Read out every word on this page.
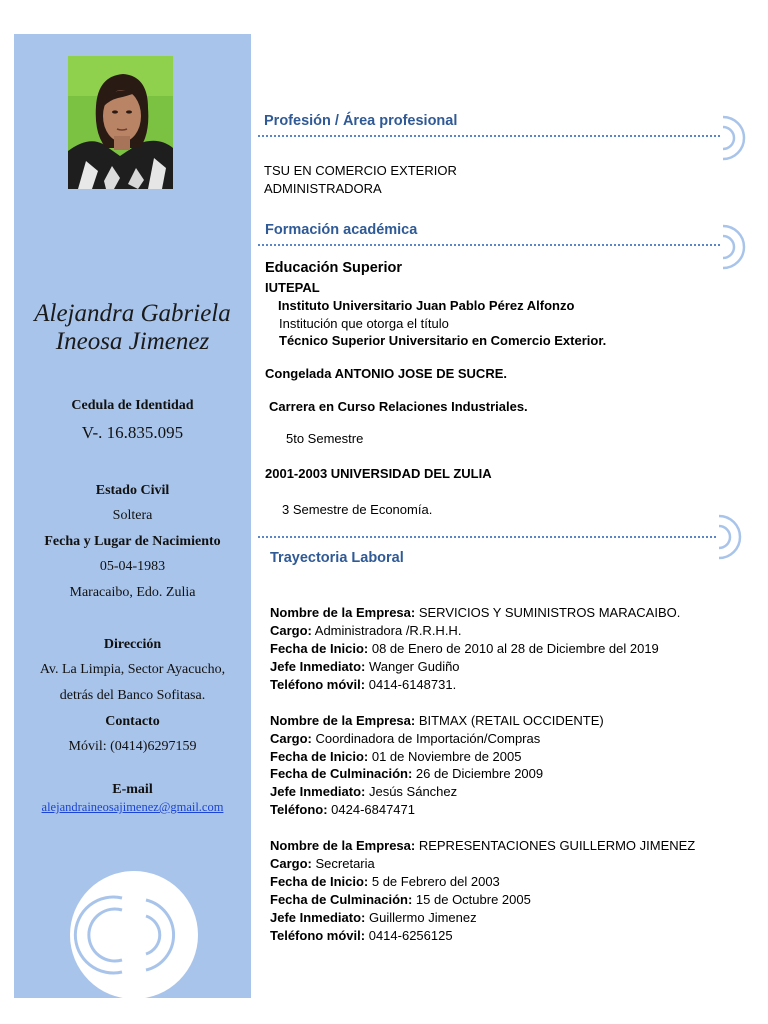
Alejandra Gabriela
Ineosa Jimenez
Cedula de Identidad
V-. 16.835.095
Estado Civil
Soltera
Fecha y Lugar de Nacimiento
05-04-1983
Maracaibo, Edo. Zulia
Dirección
Av. La Limpia, Sector Ayacucho,
detrás del Banco Sofitasa.
Contacto
Móvil: (0414)6297159
E-mail
alejandraineosajimenez@gmail.com
Profesión / Área profesional
TSU EN COMERCIO EXTERIOR
ADMINISTRADORA
Formación académica
Educación Superior
IUTEPAL
Instituto Universitario Juan Pablo Pérez Alfonzo
Institución que otorga el título
Técnico Superior Universitario en Comercio Exterior.
Congelada ANTONIO JOSE DE SUCRE.
Carrera en Curso Relaciones Industriales.
5to Semestre
2001-2003 UNIVERSIDAD DEL ZULIA
3 Semestre de Economía.
Trayectoria Laboral
Nombre de la Empresa: SERVICIOS Y SUMINISTROS MARACAIBO.
Cargo: Administradora /R.R.H.H.
Fecha de Inicio: 08 de Enero de 2010 al 28 de Diciembre del 2019
Jefe Inmediato: Wanger Gudiño
Teléfono móvil: 0414-6148731.
Nombre de la Empresa: BITMAX (RETAIL OCCIDENTE)
Cargo: Coordinadora de Importación/Compras
Fecha de Inicio: 01 de Noviembre de 2005
Fecha de Culminación: 26 de Diciembre 2009
Jefe Inmediato: Jesús Sánchez
Teléfono: 0424-6847471
Nombre de la Empresa: REPRESENTACIONES GUILLERMO JIMENEZ
Cargo: Secretaria
Fecha de Inicio: 5 de Febrero del 2003
Fecha de Culminación: 15 de Octubre 2005
Jefe Inmediato: Guillermo Jimenez
Teléfono móvil: 0414-6256125
